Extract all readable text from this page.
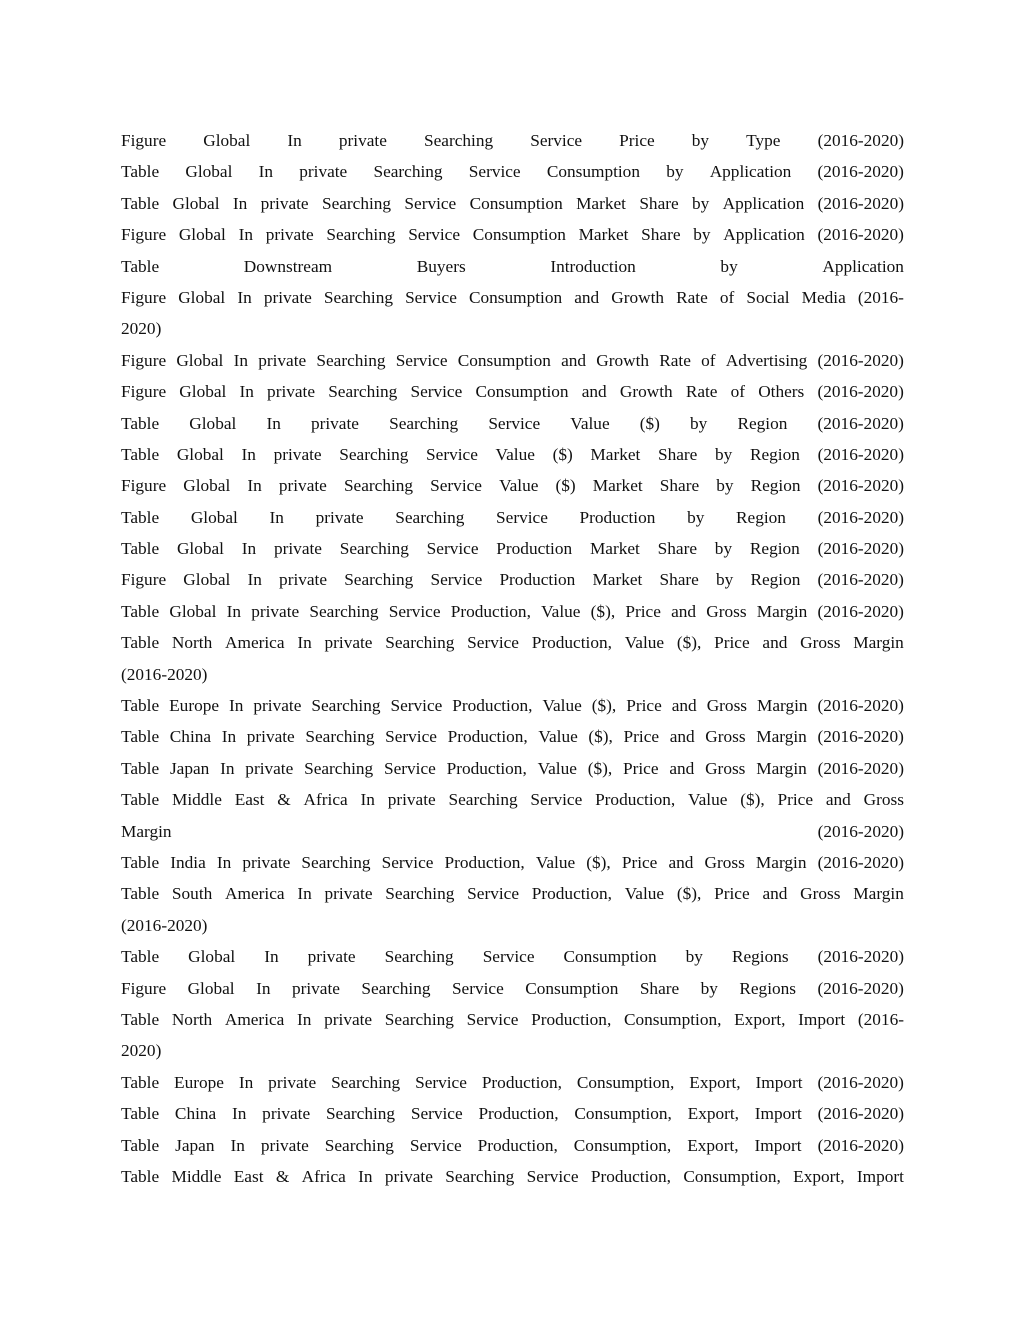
Figure Global In private Searching Service Price by Type (2016-2020)
Table Global In private Searching Service Consumption by Application (2016-2020)
Table Global In private Searching Service Consumption Market Share by Application (2016-2020)
Figure Global In private Searching Service Consumption Market Share by Application (2016-2020)
Table	Downstream	Buyers	Introduction	by	Application
Figure Global In private Searching Service Consumption and Growth Rate of Social Media (2016-
2020)
Figure Global In private Searching Service Consumption and Growth Rate of Advertising (2016-2020)
Figure Global In private Searching Service Consumption and Growth Rate of Others (2016-2020)
Table Global In private Searching Service Value ($) by Region (2016-2020)
Table Global In private Searching Service Value ($) Market Share by Region (2016-2020)
Figure Global In private Searching Service Value ($) Market Share by Region (2016-2020)
Table Global In private Searching Service Production by Region (2016-2020)
Table Global In private Searching Service Production Market Share by Region (2016-2020)
Figure Global In private Searching Service Production Market Share by Region (2016-2020)
Table Global In private Searching Service Production, Value ($), Price and Gross Margin (2016-2020)
Table North America In private Searching Service Production, Value ($), Price and Gross Margin
(2016-2020)
Table Europe In private Searching Service Production, Value ($), Price and Gross Margin (2016-2020)
Table China In private Searching Service Production, Value ($), Price and Gross Margin (2016-2020)
Table Japan In private Searching Service Production, Value ($), Price and Gross Margin (2016-2020)
Table Middle East & Africa In private Searching Service Production, Value ($), Price and Gross
Margin	(2016-2020)
Table India In private Searching Service Production, Value ($), Price and Gross Margin (2016-2020)
Table South America In private Searching Service Production, Value ($), Price and Gross Margin
(2016-2020)
Table Global In private Searching Service Consumption by Regions (2016-2020)
Figure Global In private Searching Service Consumption Share by Regions (2016-2020)
Table North America In private Searching Service Production, Consumption, Export, Import (2016-
2020)
Table Europe In private Searching Service Production, Consumption, Export, Import (2016-2020)
Table China In private Searching Service Production, Consumption, Export, Import (2016-2020)
Table Japan In private Searching Service Production, Consumption, Export, Import (2016-2020)
Table Middle East & Africa In private Searching Service Production, Consumption, Export, Import
